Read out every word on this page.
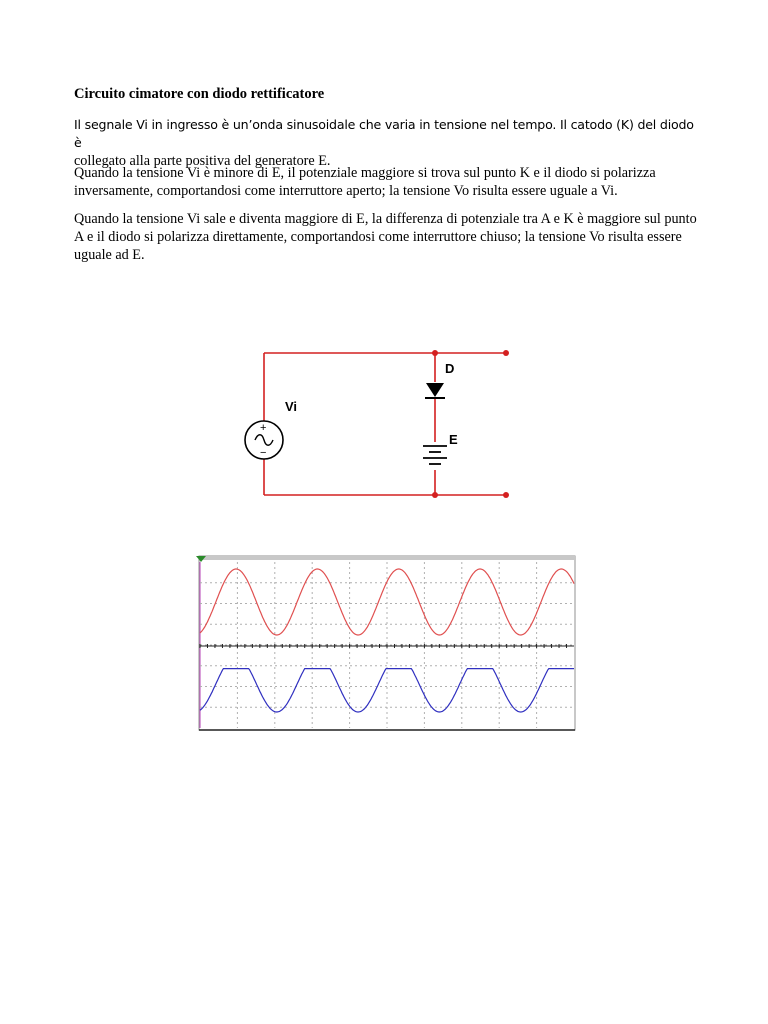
Circuito cimatore con diodo rettificatore

Il segnale Vi in ingresso è un’onda sinusoidale che varia in tensione nel tempo. Il catodo (K) del diodo è
collegato alla parte positiva del generatore E.

Quando la tensione Vi è minore di E, il potenziale maggiore si trova sul punto K e il diodo si polarizza inversamente, comportandosi come interruttore aperto; la tensione Vo risulta essere uguale a Vi.

Quando la tensione Vi sale e diventa maggiore di E, la differenza di potenziale tra A e K è maggiore sul punto A e il diodo si polarizza direttamente, comportandosi come interruttore chiuso; la tensione Vo risulta essere uguale ad E.

+
−
Vi
D
E
